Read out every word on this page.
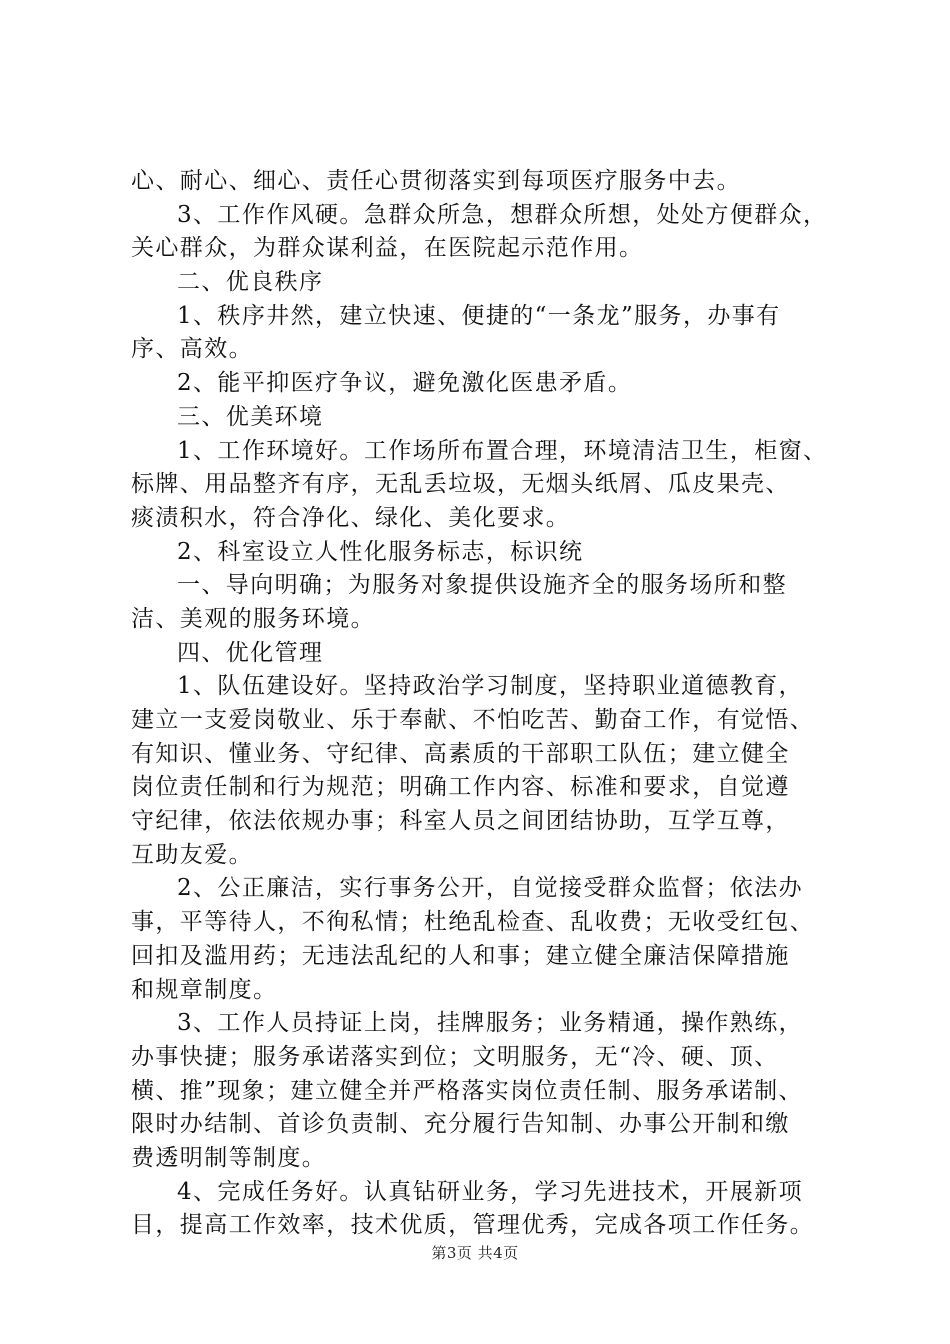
心、耐心、细心、责任心贯彻落实到每项医疗服务中去。
3、工作作风硬。急群众所急，想群众所想，处处方便群众，
关心群众，为群众谋利益，在医院起示范作用。
二、优良秩序
1、秩序井然，建立快速、便捷的“一条龙”服务，办事有
序、高效。
2、能平抑医疗争议，避免激化医患矛盾。
三、优美环境
1、工作环境好。工作场所布置合理，环境清洁卫生，柜窗、
标牌、用品整齐有序，无乱丢垃圾，无烟头纸屑、瓜皮果壳、
痰渍积水，符合净化、绿化、美化要求。
2、科室设立人性化服务标志，标识统
一、导向明确；为服务对象提供设施齐全的服务场所和整
洁、美观的服务环境。
四、优化管理
1、队伍建设好。坚持政治学习制度，坚持职业道德教育，
建立一支爱岗敬业、乐于奉献、不怕吃苦、勤奋工作，有觉悟、
有知识、懂业务、守纪律、高素质的干部职工队伍；建立健全
岗位责任制和行为规范；明确工作内容、标准和要求，自觉遵
守纪律，依法依规办事；科室人员之间团结协助，互学互尊，
互助友爱。
2、公正廉洁，实行事务公开，自觉接受群众监督；依法办
事，平等待人，不徇私情；杜绝乱检查、乱收费；无收受红包、
回扣及滥用药；无违法乱纪的人和事；建立健全廉洁保障措施
和规章制度。
3、工作人员持证上岗，挂牌服务；业务精通，操作熟练，
办事快捷；服务承诺落实到位；文明服务，无“冷、硬、顶、
横、推”现象；建立健全并严格落实岗位责任制、服务承诺制、
限时办结制、首诊负责制、充分履行告知制、办事公开制和缴
费透明制等制度。
4、完成任务好。认真钻研业务，学习先进技术，开展新项
目，提高工作效率，技术优质，管理优秀，完成各项工作任务。
第3页 共4页
